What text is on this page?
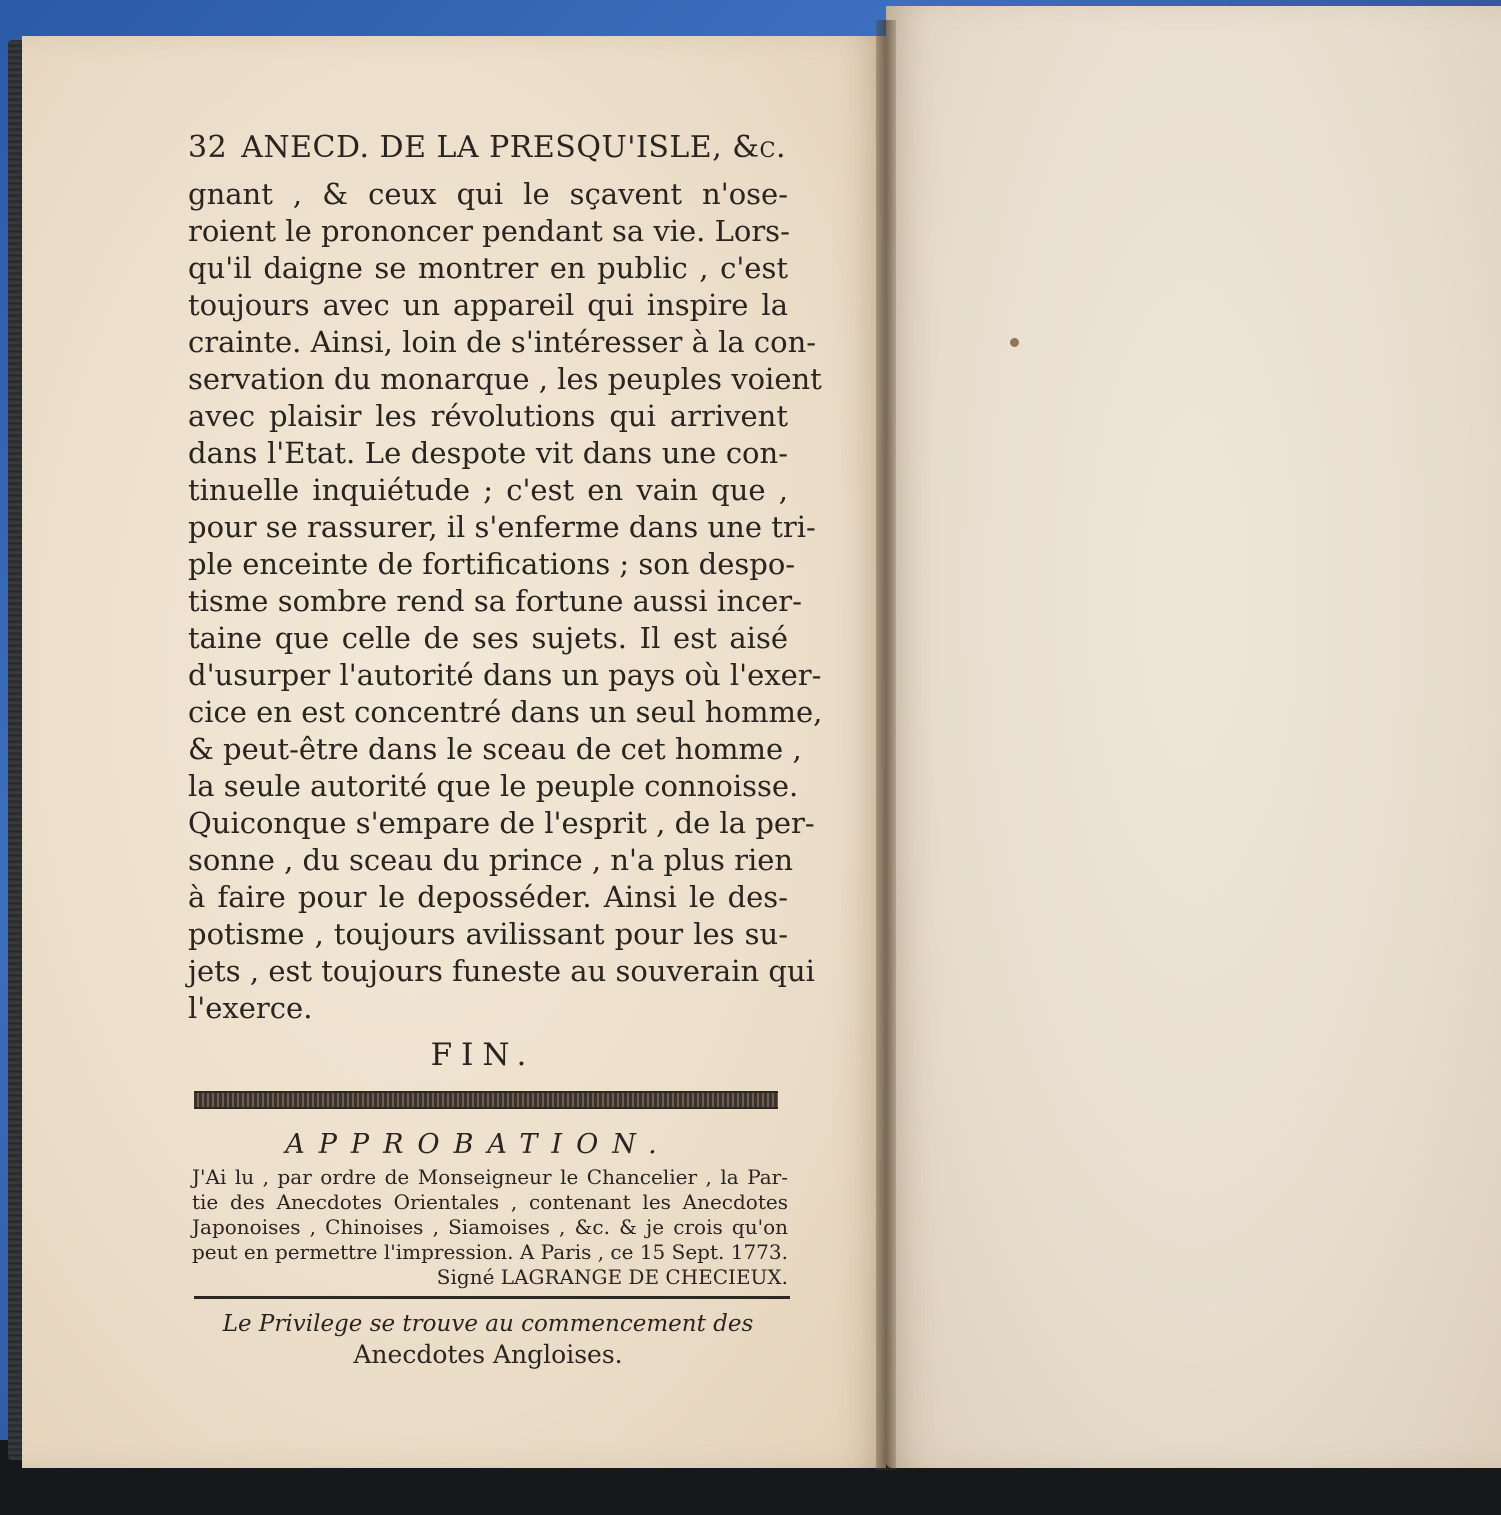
32 ANECD. DE LA PRESQU'ISLE, &c.
gnant , & ceux qui le sçavent n'ose-
roient le prononcer pendant sa vie. Lors-
qu'il daigne se montrer en public , c'est
toujours avec un appareil qui inspire la
crainte. Ainsi, loin de s'intéresser à la con-
servation du monarque , les peuples voient
avec plaisir les révolutions qui arrivent
dans l'Etat. Le despote vit dans une con-
tinuelle inquiétude ; c'est en vain que ,
pour se rassurer, il s'enferme dans une tri-
ple enceinte de fortifications ; son despo-
tisme sombre rend sa fortune aussi incer-
taine que celle de ses sujets. Il est aisé
d'usurper l'autorité dans un pays où l'exer-
cice en est concentré dans un seul homme,
& peut-être dans le sceau de cet homme ,
la seule autorité que le peuple connoisse.
Quiconque s'empare de l'esprit , de la per-
sonne , du sceau du prince , n'a plus rien
à faire pour le deposséder. Ainsi le des-
potisme , toujours avilissant pour les su-
jets , est toujours funeste au souverain qui
l'exerce.
FIN.
APPROBATION.
J'Ai lu , par ordre de Monseigneur le Chancelier , la Par-
tie des Anecdotes Orientales , contenant les Anecdotes
Japonoises , Chinoises , Siamoises , &c. & je crois qu'on
peut en permettre l'impression. A Paris , ce 15 Sept. 1773.
Signé LAGRANGE DE CHECIEUX.
Le Privilege se trouve au commencement des
Anecdotes Angloises.
